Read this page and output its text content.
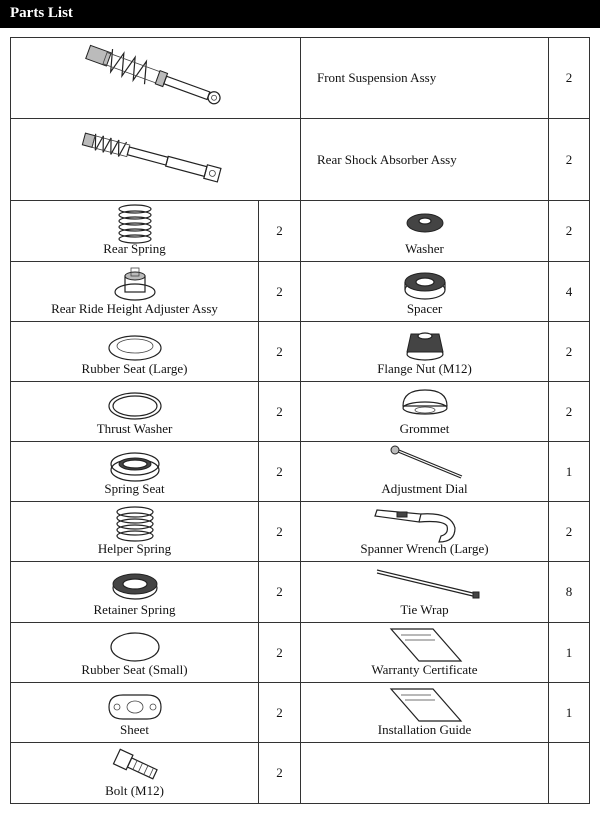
Parts List
Front Suspension Assy	2
Rear Shock Absorber Assy	2
Rear Spring
2
Rear Ride Height Adjuster Assy
2
Rubber Seat (Large)
2
Thrust Washer
2
Spring Seat
2
Helper Spring
2
Retainer Spring
2
Rubber Seat (Small)
2
Sheet
2
Bolt (M12)
2
Washer
2
Spacer
4
Flange Nut (M12)
2
Grommet
2
Adjustment Dial
1
Spanner Wrench (Large)
2
Tie Wrap
8
Warranty Certificate
1
Installation Guide
1
